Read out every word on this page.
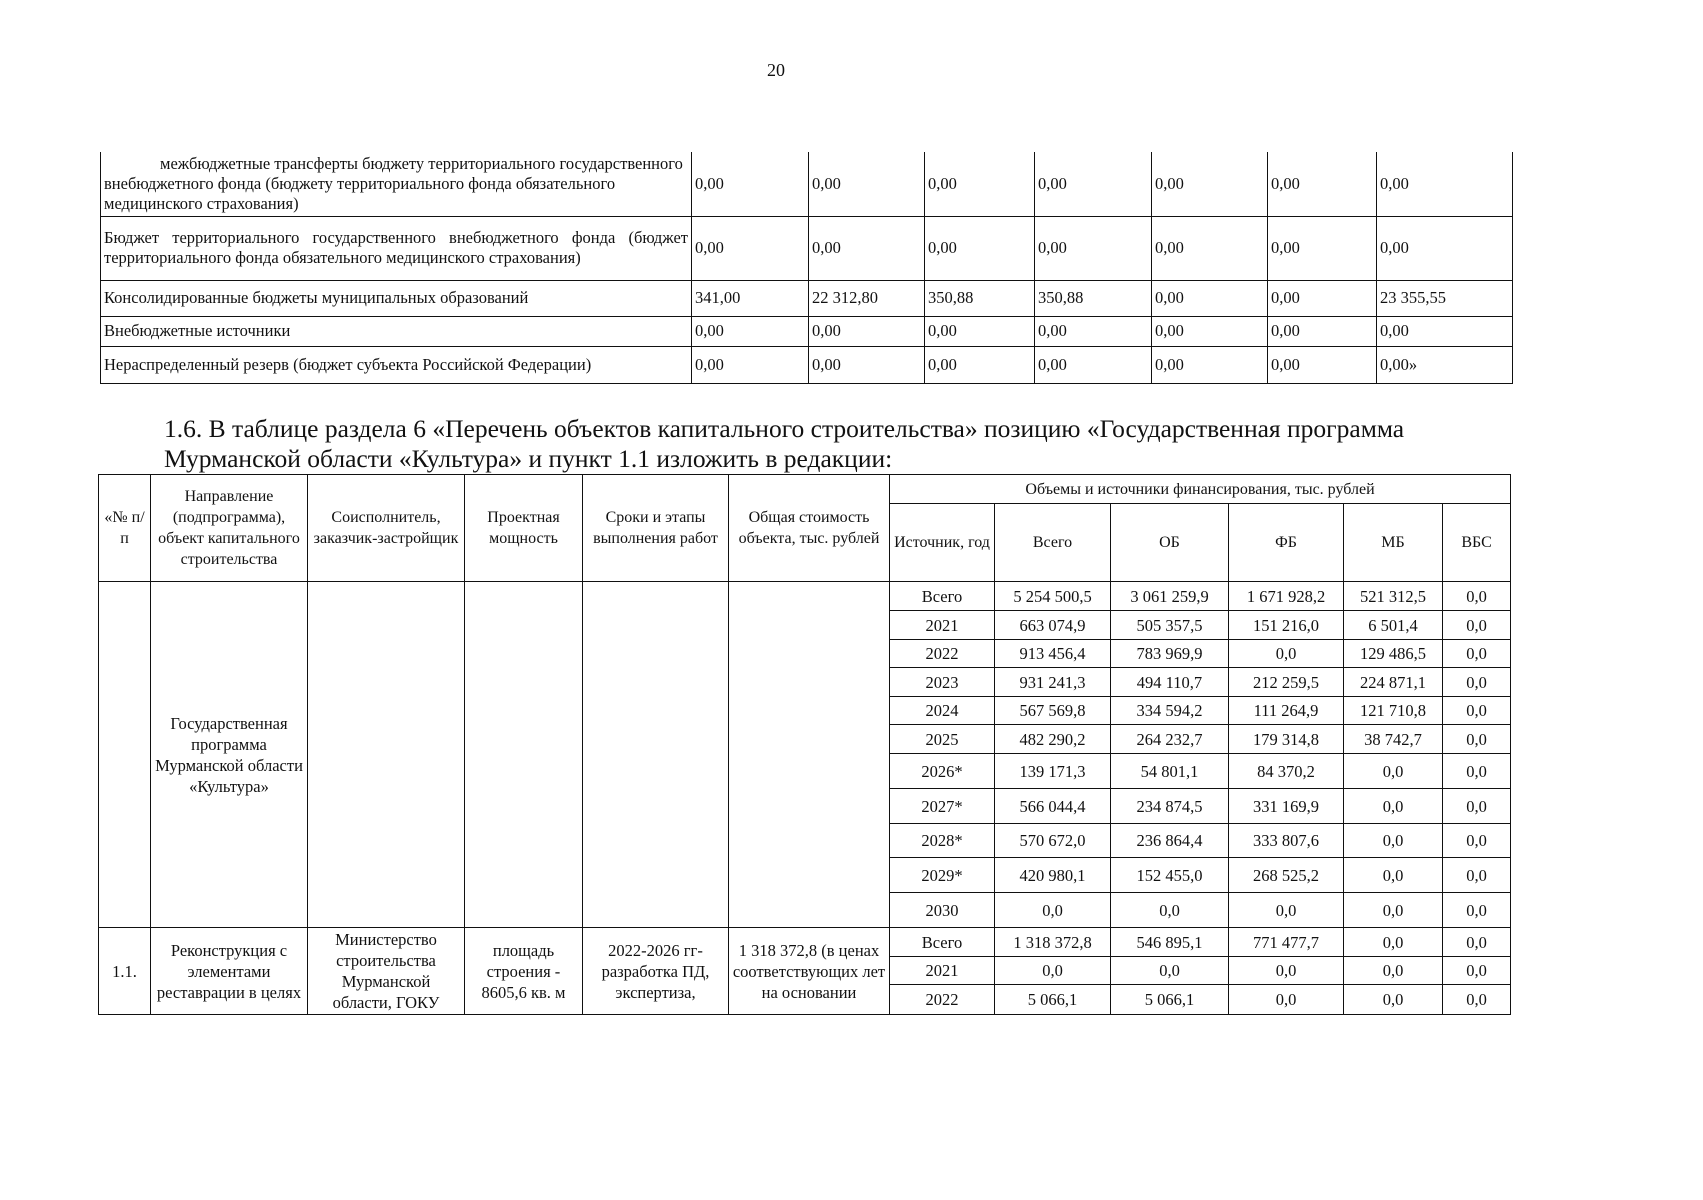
20
межбюджетные трансферты бюджету территориального государственного внебюджетного фонда (бюджету территориального фонда обязательного медицинского страхования)	0,00	0,00	0,00	0,00	0,00	0,00	0,00
Бюджет территориального государственного внебюджетного фонда (бюджет территориального фонда обязательного медицинского страхования)	0,00	0,00	0,00	0,00	0,00	0,00	0,00
Консолидированные бюджеты муниципальных образований	341,00	22 312,80	350,88	350,88	0,00	0,00	23 355,55
Внебюджетные источники	0,00	0,00	0,00	0,00	0,00	0,00	0,00
Нераспределенный резерв (бюджет субъекта Российской Федерации)	0,00	0,00	0,00	0,00	0,00	0,00	0,00»
1.6. В таблице раздела 6 «Перечень объектов капитального строительства» позицию «Государственная программа Мурманской области «Культура» и пункт 1.1 изложить в редакции:
«№ п/п	Направление (подпрограмма), объект капитального строительства	Соисполнитель, заказчик-застройщик	Проектная мощность	Сроки и этапы выполнения работ	Общая стоимость объекта, тыс. рублей	Объемы и источники финансирования, тыс. рублей					
						Источник, год	Всего	ОБ	ФБ	МБ	ВБС
	Государственная программа Мурманской области «Культура»					Всего	5 254 500,5	3 061 259,9	1 671 928,2	521 312,5	0,0
						2021	663 074,9	505 357,5	151 216,0	6 501,4	0,0
						2022	913 456,4	783 969,9	0,0	129 486,5	0,0
						2023	931 241,3	494 110,7	212 259,5	224 871,1	0,0
						2024	567 569,8	334 594,2	111 264,9	121 710,8	0,0
						2025	482 290,2	264 232,7	179 314,8	38 742,7	0,0
						2026*	139 171,3	54 801,1	84 370,2	0,0	0,0
						2027*	566 044,4	234 874,5	331 169,9	0,0	0,0
						2028*	570 672,0	236 864,4	333 807,6	0,0	0,0
						2029*	420 980,1	152 455,0	268 525,2	0,0	0,0
						2030	0,0	0,0	0,0	0,0	0,0
1.1.	Реконструкция с элементами реставрации в целях	Министерство строительства Мурманской области, ГОКУ	площадь строения - 8605,6 кв. м	2022-2026 гг- разработка ПД, экспертиза,	1 318 372,8 (в ценах соответствующих лет на основании	Всего	1 318 372,8	546 895,1	771 477,7	0,0	0,0
						2021	0,0	0,0	0,0	0,0	0,0
						2022	5 066,1	5 066,1	0,0	0,0	0,0
